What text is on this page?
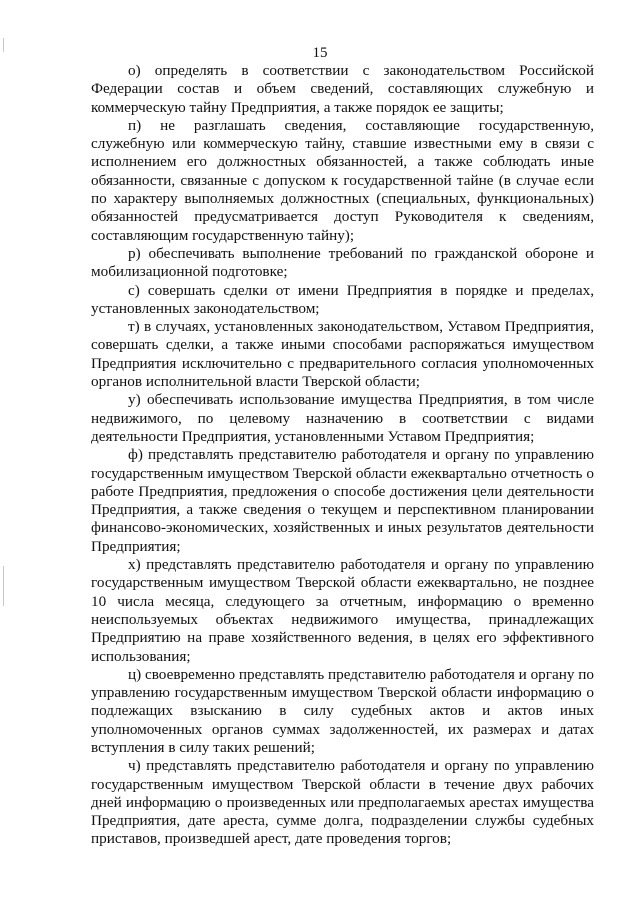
15

о) определять в соответствии с законодательством Российской Федерации состав и объем сведений, составляющих служебную и коммерческую тайну Предприятия, а также порядок ее защиты;

п) не разглашать сведения, составляющие государственную, служебную или коммерческую тайну, ставшие известными ему в связи с исполнением его должностных обязанностей, а также соблюдать иные обязанности, связанные с допуском к государственной тайне (в случае если по характеру выполняемых должностных (специальных, функциональных) обязанностей предусматривается доступ Руководителя к сведениям, составляющим государственную тайну);

р) обеспечивать выполнение требований по гражданской обороне и мобилизационной подготовке;

с) совершать сделки от имени Предприятия в порядке и пределах, установленных законодательством;

т) в случаях, установленных законодательством, Уставом Предприятия, совершать сделки, а также иными способами распоряжаться имуществом Предприятия исключительно с предварительного согласия уполномоченных органов исполнительной власти Тверской области;

у) обеспечивать использование имущества Предприятия, в том числе недвижимого, по целевому назначению в соответствии с видами деятельности Предприятия, установленными Уставом Предприятия;

ф) представлять представителю работодателя и органу по управлению государственным имуществом Тверской области ежеквартально отчетность о работе Предприятия, предложения о способе достижения цели деятельности Предприятия, а также сведения о текущем и перспективном планировании финансово-экономических, хозяйственных и иных результатов деятельности Предприятия;

х) представлять представителю работодателя и органу по управлению государственным имуществом Тверской области ежеквартально, не позднее 10 числа месяца, следующего за отчетным, информацию о временно неиспользуемых объектах недвижимого имущества, принадлежащих Предприятию на праве хозяйственного ведения, в целях его эффективного использования;

ц) своевременно представлять представителю работодателя и органу по управлению государственным имуществом Тверской области информацию о подлежащих взысканию в силу судебных актов и актов иных уполномоченных органов суммах задолженностей, их размерах и датах вступления в силу таких решений;

ч) представлять представителю работодателя и органу по управлению государственным имуществом Тверской области в течение двух рабочих дней информацию о произведенных или предполагаемых арестах имущества Предприятия, дате ареста, сумме долга, подразделении службы судебных приставов, произведшей арест, дате проведения торгов;
